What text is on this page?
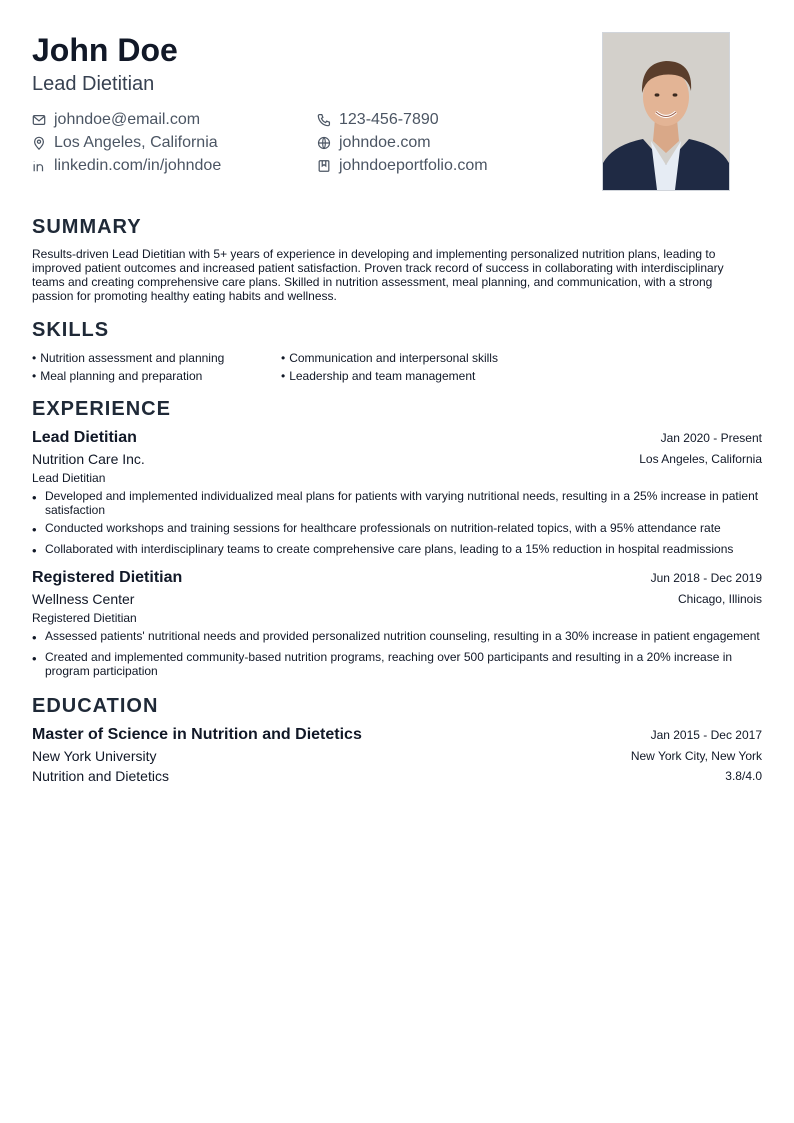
John Doe
Lead Dietitian
johndoe@email.com	123-456-7890
Los Angeles, California	johndoe.com
linkedin.com/in/johndoe	johndoeportfolio.com
SUMMARY
Results-driven Lead Dietitian with 5+ years of experience in developing and implementing personalized nutrition plans, leading to improved patient outcomes and increased patient satisfaction. Proven track record of success in collaborating with interdisciplinary teams and creating comprehensive care plans. Skilled in nutrition assessment, meal planning, and communication, with a strong passion for promoting healthy eating habits and wellness.
SKILLS
• Nutrition assessment and planning	• Communication and interpersonal skills
• Meal planning and preparation	• Leadership and team management
EXPERIENCE
Lead Dietitian	Jan 2020 - Present
Nutrition Care Inc.	Los Angeles, California
Lead Dietitian
• Developed and implemented individualized meal plans for patients with varying nutritional needs, resulting in a 25% increase in patient satisfaction
• Conducted workshops and training sessions for healthcare professionals on nutrition-related topics, with a 95% attendance rate
• Collaborated with interdisciplinary teams to create comprehensive care plans, leading to a 15% reduction in hospital readmissions
Registered Dietitian	Jun 2018 - Dec 2019
Wellness Center	Chicago, Illinois
Registered Dietitian
• Assessed patients' nutritional needs and provided personalized nutrition counseling, resulting in a 30% increase in patient engagement
• Created and implemented community-based nutrition programs, reaching over 500 participants and resulting in a 20% increase in program participation
EDUCATION
Master of Science in Nutrition and Dietetics	Jan 2015 - Dec 2017
New York University	New York City, New York
Nutrition and Dietetics	3.8/4.0
